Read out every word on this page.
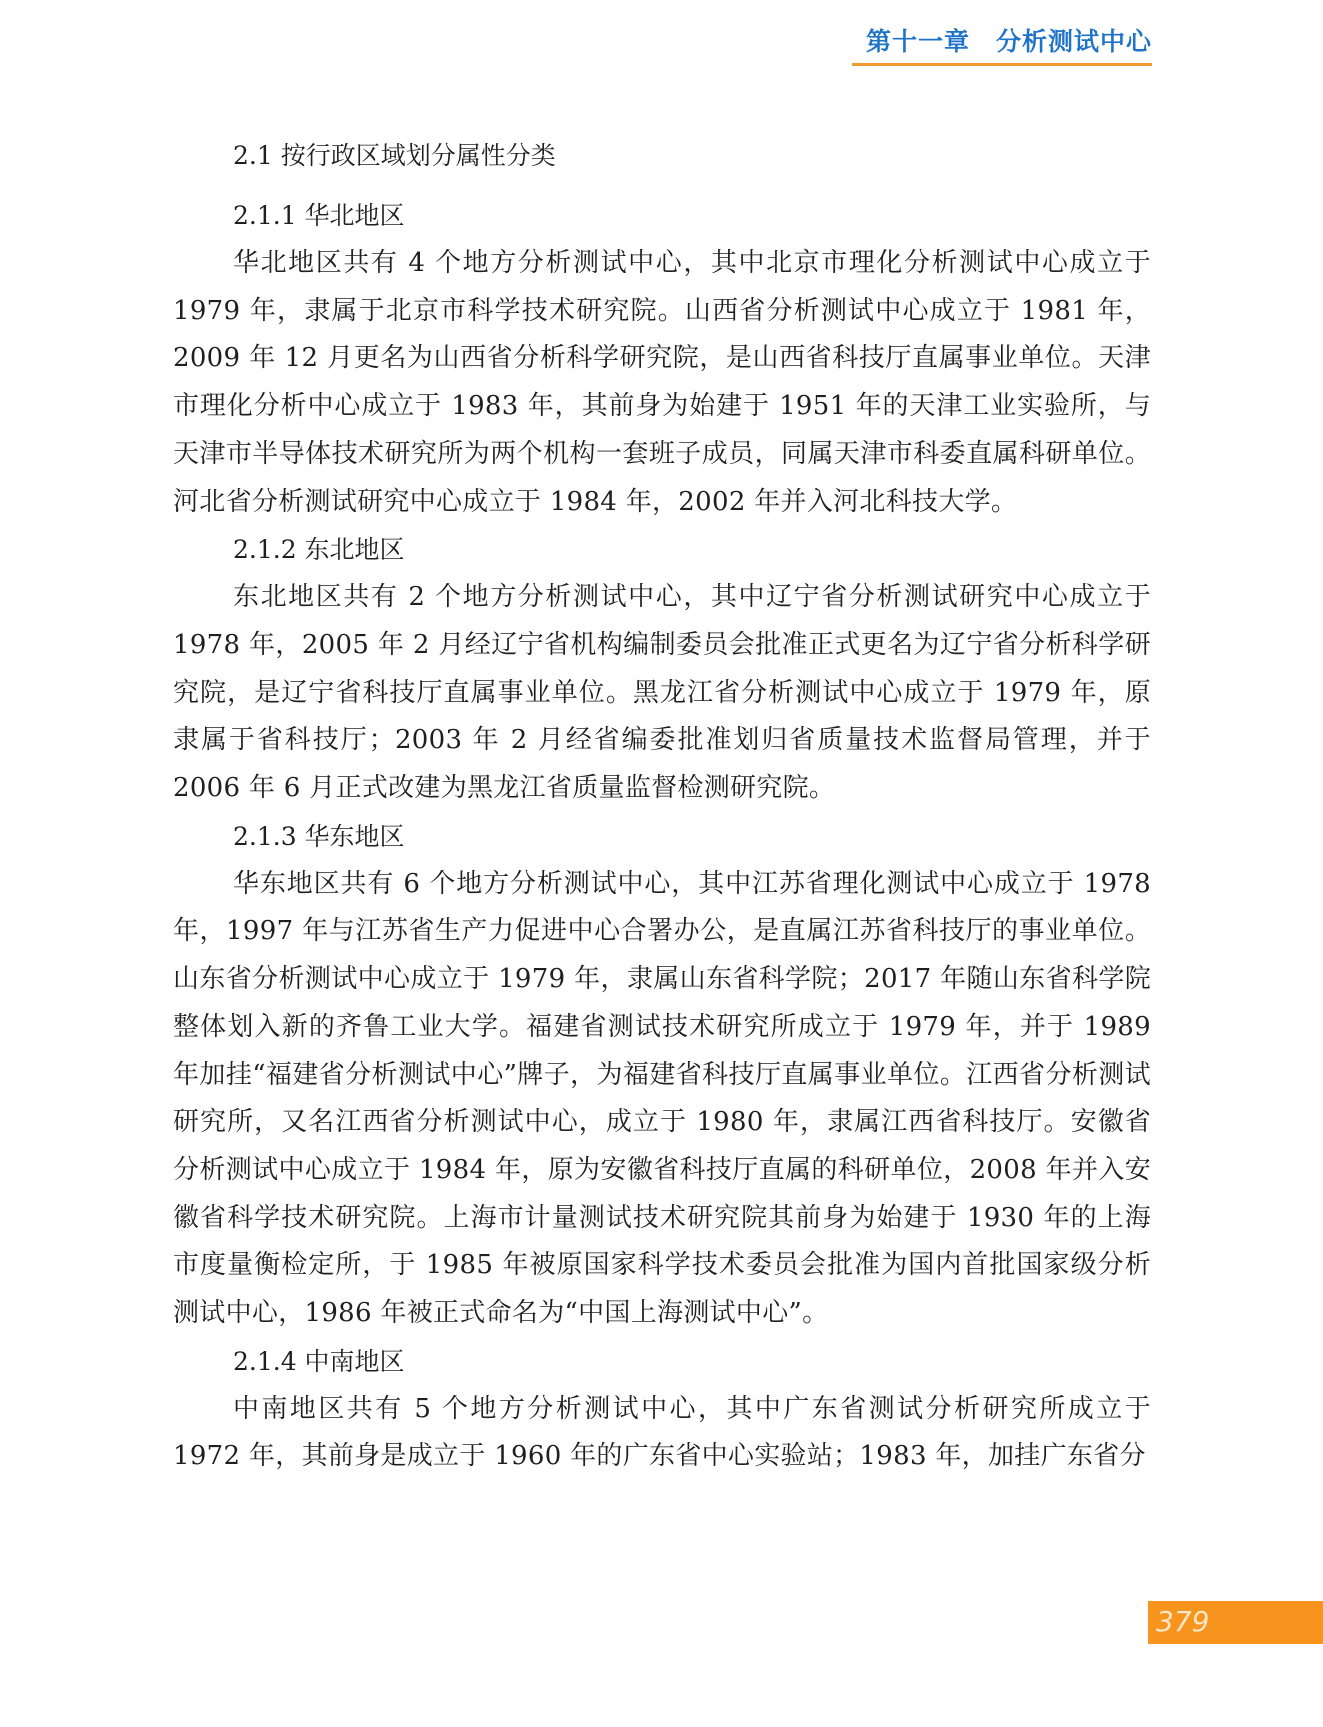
第十一章 分析测试中心
2.1 按行政区域划分属性分类
2.1.1 华北地区

华北地区共有 4 个地方分析测试中心，其中北京市理化分析测试中心成立于 1979 年，隶属于北京市科学技术研究院。山西省分析测试中心成立于 1981 年，2009 年 12 月更名为山西省分析科学研究院，是山西省科技厅直属事业单位。天津市理化分析中心成立于 1983 年，其前身为始建于 1951 年的天津工业实验所，与天津市半导体技术研究所为两个机构一套班子成员，同属天津市科委直属科研单位。河北省分析测试研究中心成立于 1984 年，2002 年并入河北科技大学。

2.1.2 东北地区

东北地区共有 2 个地方分析测试中心，其中辽宁省分析测试研究中心成立于 1978 年，2005 年 2 月经辽宁省机构编制委员会批准正式更名为辽宁省分析科学研究院，是辽宁省科技厅直属事业单位。黑龙江省分析测试中心成立于 1979 年，原隶属于省科技厅；2003 年 2 月经省编委批准划归省质量技术监督局管理，并于 2006 年 6 月正式改建为黑龙江省质量监督检测研究院。

2.1.3 华东地区

华东地区共有 6 个地方分析测试中心，其中江苏省理化测试中心成立于 1978 年，1997 年与江苏省生产力促进中心合署办公，是直属江苏省科技厅的事业单位。山东省分析测试中心成立于 1979 年，隶属山东省科学院；2017 年随山东省科学院整体划入新的齐鲁工业大学。福建省测试技术研究所成立于 1979 年，并于 1989 年加挂“福建省分析测试中心”牌子，为福建省科技厅直属事业单位。江西省分析测试研究所，又名江西省分析测试中心，成立于 1980 年，隶属江西省科技厅。安徽省分析测试中心成立于 1984 年，原为安徽省科技厅直属的科研单位，2008 年并入安徽省科学技术研究院。上海市计量测试技术研究院其前身为始建于 1930 年的上海市度量衡检定所，于 1985 年被原国家科学技术委员会批准为国内首批国家级分析测试中心，1986 年被正式命名为“中国上海测试中心”。

2.1.4 中南地区

中南地区共有 5 个地方分析测试中心，其中广东省测试分析研究所成立于 1972 年，其前身是成立于 1960 年的广东省中心实验站；1983 年，加挂广东省分

379
